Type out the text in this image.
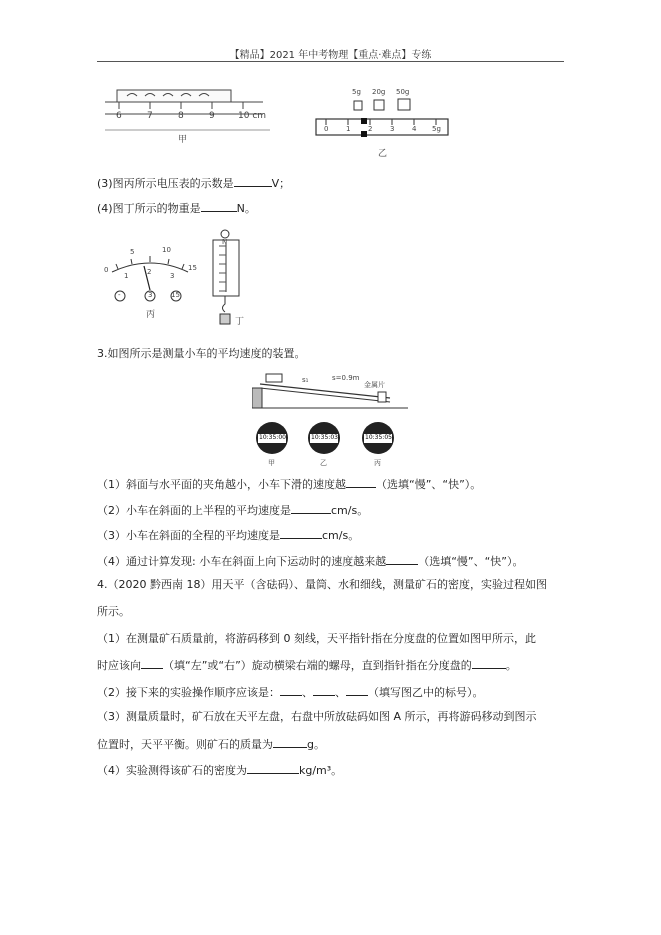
【精品】2021 年中考物理【重点·难点】专练
6	7	8	9	10 cm
甲
5g 20g 50g
0	1	2	3	4 5g
乙
(3)图丙所示电压表的示数是	V；
(4)图丁所示的物重是	N。
0
5	10
15
1	2	3
-	3	15
丙
N
丁
3.如图所示是测量小车的平均速度的装置。
s₁	s=0.9m
金属片
10:35:00	10:35:03	10:35:05
甲	乙	丙
（1）斜面与水平面的夹角越小，小车下滑的速度越	（选填“慢”、“快”）。
（2）小车在斜面的上半程的平均速度是	cm/s。
（3）小车在斜面的全程的平均速度是	cm/s。
（4）通过计算发现: 小车在斜面上向下运动时的速度越来越	（选填“慢”、“快”）。
4.（2020 黔西南 18）用天平（含砝码）、量筒、水和细线，测量矿石的密度，实验过程如图
所示。
（1）在测量矿石质量前，将游码移到 0 刻线，天平指针指在分度盘的位置如图甲所示，此
时应该向 （填“左”或“右”）旋动横梁右端的螺母，直到指针指在分度盘的	。
（2）接下来的实验操作顺序应该是： 、 、 （填写图乙中的标号）。
（3）测量质量时，矿石放在天平左盘，右盘中所放砝码如图 A 所示，再将游码移动到图示
位置时，天平平衡。则矿石的质量为	g。
（4）实验测得该矿石的密度为	kg/m³。
